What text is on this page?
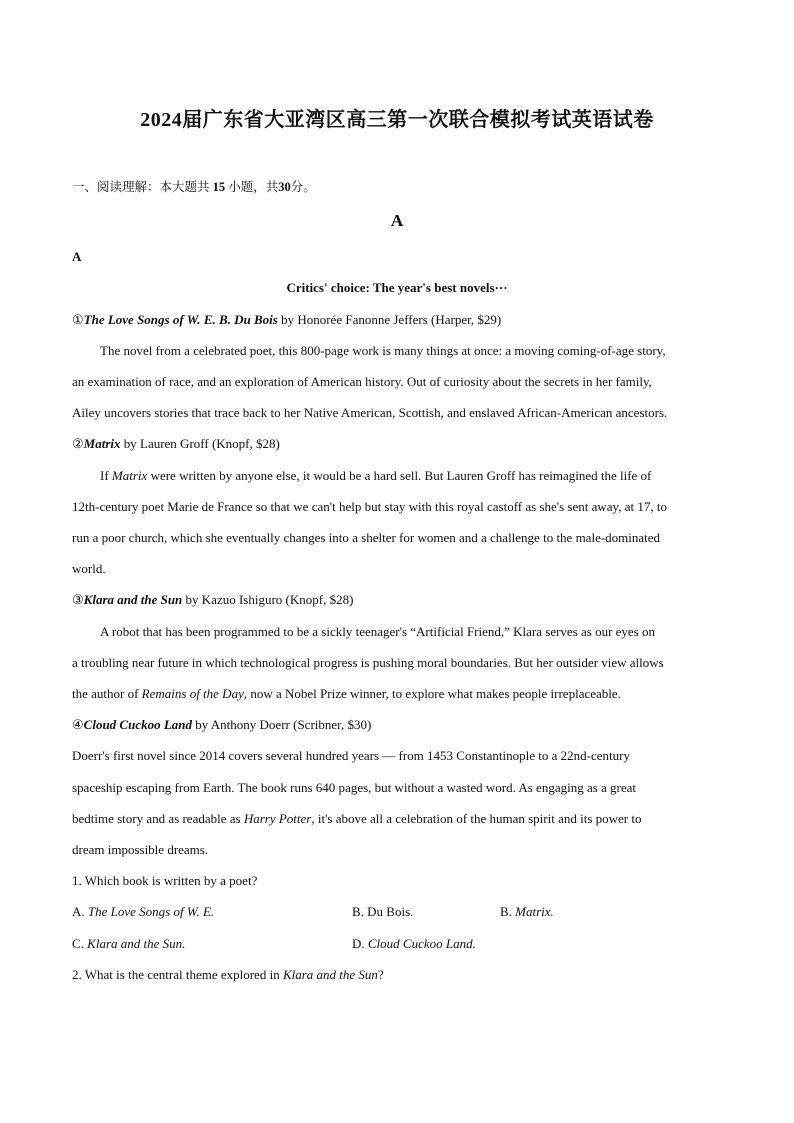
2024届广东省大亚湾区高三第一次联合模拟考试英语试卷
一、阅读理解：本大题共 15 小题，共30分。
A
A
Critics' choice: The year's best novels···
①The Love Songs of W. E. B. Du Bois by Honorée Fanonne Jeffers (Harper, $29)
The novel from a celebrated poet, this 800-page work is many things at once: a moving coming-of-age story,
an examination of race, and an exploration of American history. Out of curiosity about the secrets in her family,
Ailey uncovers stories that trace back to her Native American, Scottish, and enslaved African-American ancestors.
②Matrix by Lauren Groff (Knopf, $28)
If Matrix were written by anyone else, it would be a hard sell. But Lauren Groff has reimagined the life of
12th-century poet Marie de France so that we can't help but stay with this royal castoff as she's sent away, at 17, to
run a poor church, which she eventually changes into a shelter for women and a challenge to the male-dominated
world.
③Klara and the Sun by Kazuo Ishiguro (Knopf, $28)
A robot that has been programmed to be a sickly teenager's “Artificial Friend,” Klara serves as our eyes on
a troubling near future in which technological progress is pushing moral boundaries. But her outsider view allows
the author of Remains of the Day, now a Nobel Prize winner, to explore what makes people irreplaceable.
④Cloud Cuckoo Land by Anthony Doerr (Scribner, $30)
Doerr's first novel since 2014 covers several hundred years — from 1453 Constantinople to a 22nd-century
spaceship escaping from Earth. The book runs 640 pages, but without a wasted word. As engaging as a great
bedtime story and as readable as Harry Potter, it's above all a celebration of the human spirit and its power to
dream impossible dreams.
1. Which book is written by a poet?
A. The Love Songs of W. E.	B. Du Bois.	B. Matrix.
C. Klara and the Sun.	D. Cloud Cuckoo Land.
2. What is the central theme explored in Klara and the Sun?
